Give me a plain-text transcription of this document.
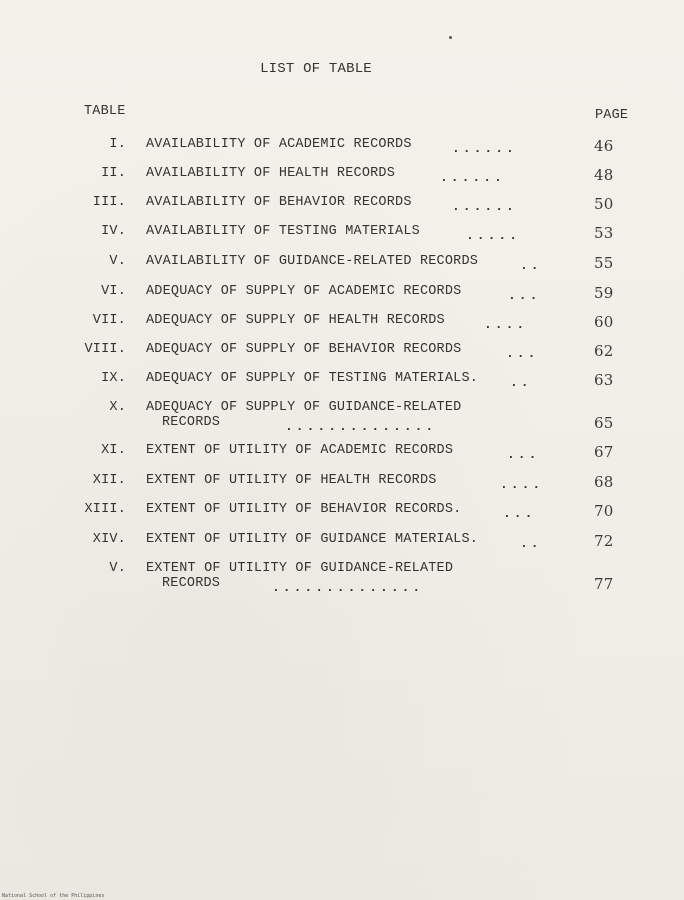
LIST OF TABLE
TABLE	PAGE
I. AVAILABILITY OF ACADEMIC RECORDS	......	46
II. AVAILABILITY OF HEALTH RECORDS	......	48
III. AVAILABILITY OF BEHAVIOR RECORDS	......	50
IV. AVAILABILITY OF TESTING MATERIALS	.....	53
V. AVAILABILITY OF GUIDANCE-RELATED RECORDS	..	55
VI. ADEQUACY OF SUPPLY OF ACADEMIC RECORDS	...	59
VII. ADEQUACY OF SUPPLY OF HEALTH RECORDS	....	60
VIII. ADEQUACY OF SUPPLY OF BEHAVIOR RECORDS	...	62
IX. ADEQUACY OF SUPPLY OF TESTING MATERIALS. ..	63
X. ADEQUACY OF SUPPLY OF GUIDANCE-RELATED
RECORDS	..............	65
XI. EXTENT OF UTILITY OF ACADEMIC RECORDS	...	67
XII. EXTENT OF UTILITY OF HEALTH RECORDS	....	68
XIII. EXTENT OF UTILITY OF BEHAVIOR RECORDS.	...	70
XIV. EXTENT OF UTILITY OF GUIDANCE MATERIALS.	..	72
V. EXTENT OF UTILITY OF GUIDANCE-RELATED
RECORDS	..............	77
National School of the Philippines
